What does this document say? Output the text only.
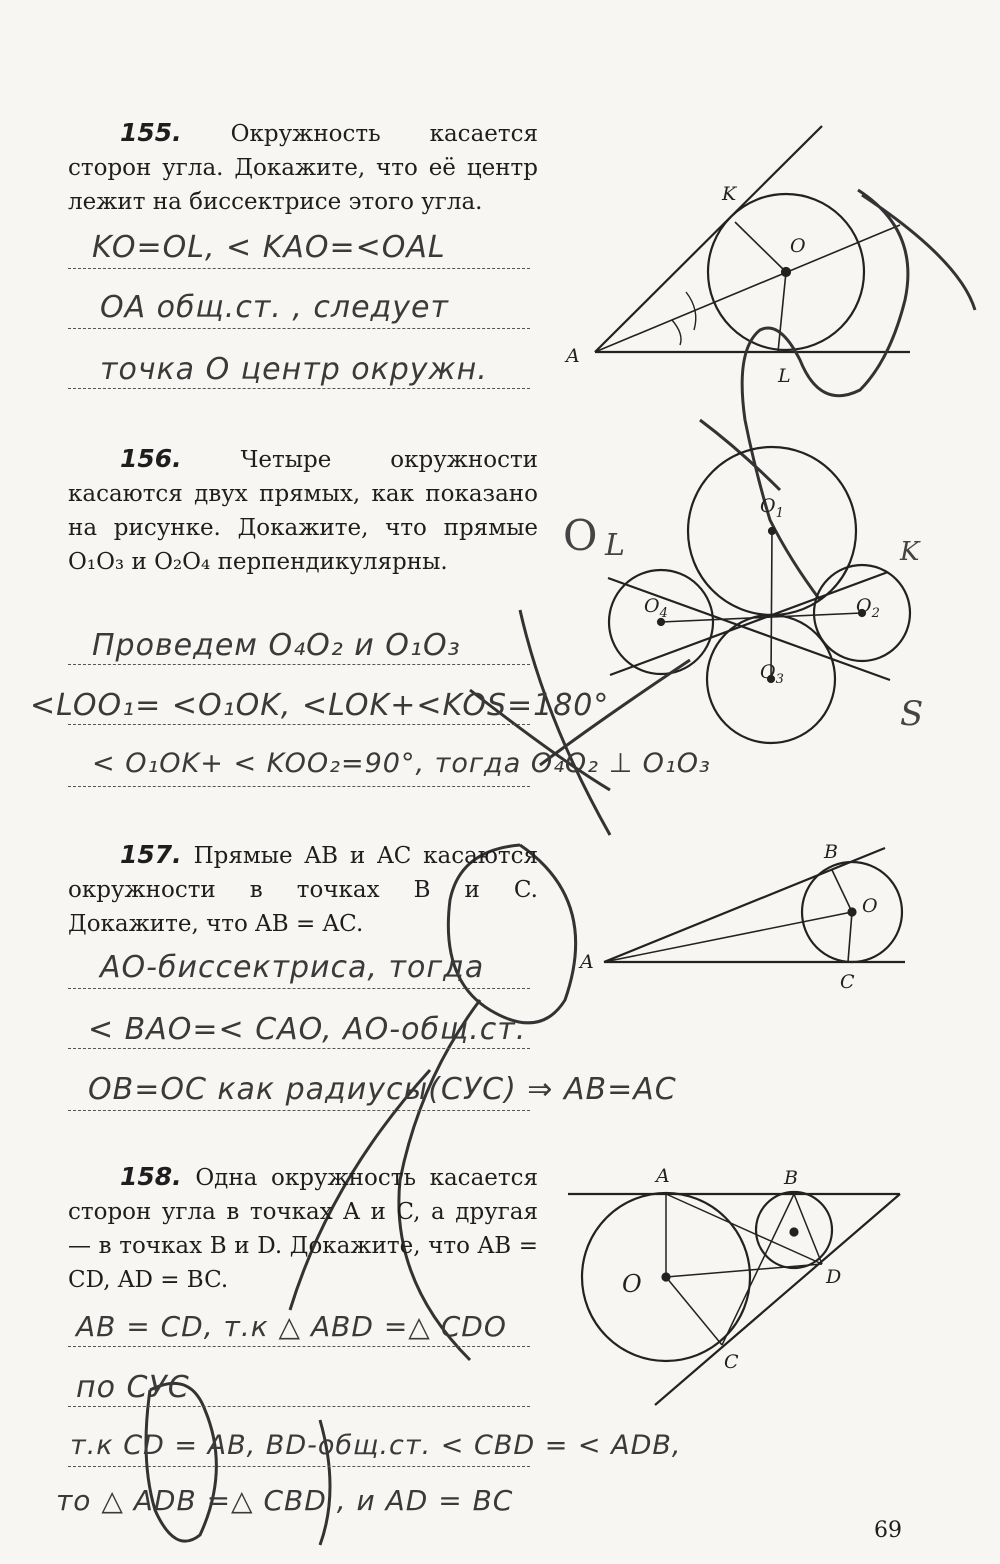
A
K
O
L
$O_1$
$O_4$	$O_2$
$O_3$
O L	K
S
A
B
C
O
A	B
C
D
O

155. Окружность касается сторон угла. Докажите, что её центр лежит на биссектрисе этого угла.

KO=OL, < KAO=<OAL
OA общ.ст. , следует
точка О центр окружн.

156.	Четыре окружности касаются двух прямых, как показано на рисунке. Докажите, что прямые O₁O₃ и O₂O₄ перпендикулярны.

Проведем O₄O₂ и O₁O₃
<LOO₁= <O₁OK, <LOK+<KOS=180°
< O₁OK+ < KOO₂=90°, тогда O₄O₂ ⊥ O₁O₃

157. Прямые AB и AC касаются окружности в точках B и C. Докажите, что AB = AC.

AO-биссектриса, тогда
< BAO=< CAO, AO-общ.ст.
OB=OC как радиусы(СУС) ⇒ AB=AC

158. Одна окружность касается сторон угла в точках A и C, а другая — в точках B и D. Докажите, что AB = CD, AD = BC.

AB = CD, т.к △ ABD =△ CDO
по СУС
т.к CD = AB, BD-общ.ст. < CBD = < ADB,
то △ ADB =△ CBD , и AD = BC
69
